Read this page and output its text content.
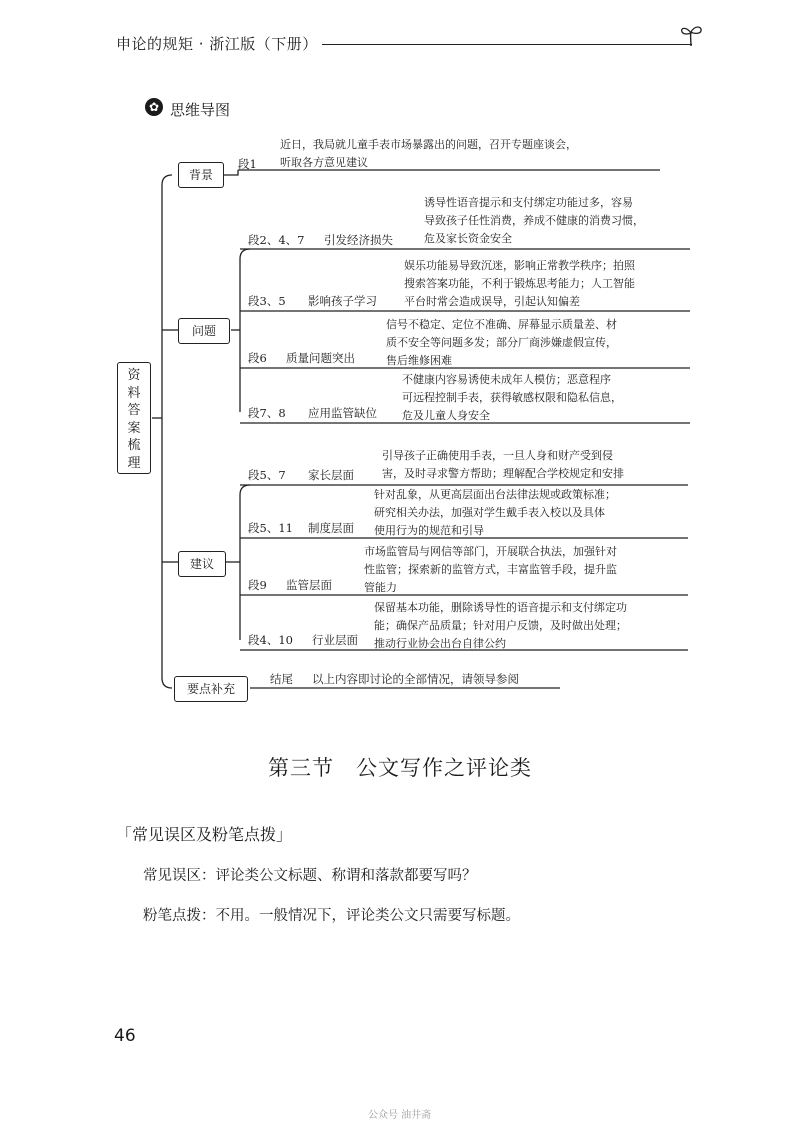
申论的规矩 · 浙江版（下册）
✿ 思维导图
资
料
答
案
梳
理
背景
问题
建议
要点补充
段1
近日，我局就儿童手表市场暴露出的问题，召开专题座谈会，
听取各方意见建议
段2、4、7 引发经济损失
诱导性语音提示和支付绑定功能过多，容易
导致孩子任性消费，养成不健康的消费习惯，
危及家长资金安全
段3、5 影响孩子学习
娱乐功能易导致沉迷，影响正常教学秩序；拍照
搜索答案功能，不利于锻炼思考能力；人工智能
平台时常会造成误导，引起认知偏差
段6 质量问题突出
信号不稳定、定位不准确、屏幕显示质量差、材
质不安全等问题多发；部分厂商涉嫌虚假宣传，
售后维修困难
段7、8 应用监管缺位
不健康内容易诱使未成年人模仿；恶意程序
可远程控制手表，获得敏感权限和隐私信息，
危及儿童人身安全
段5、7 家长层面
引导孩子正确使用手表，一旦人身和财产受到侵
害，及时寻求警方帮助；理解配合学校规定和安排
段5、11 制度层面
针对乱象，从更高层面出台法律法规或政策标准；
研究相关办法，加强对学生戴手表入校以及具体
使用行为的规范和引导
段9 监管层面
市场监管局与网信等部门，开展联合执法，加强针对
性监管；探索新的监管方式，丰富监管手段，提升监
管能力
段4、10 行业层面
保留基本功能，删除诱导性的语音提示和支付绑定功
能；确保产品质量；针对用户反馈，及时做出处理；
推动行业协会出台自律公约
结尾 以上内容即讨论的全部情况，请领导参阅
第三节　公文写作之评论类
「常见误区及粉笔点拨」
常见误区：评论类公文标题、称谓和落款都要写吗？
粉笔点拨：不用。一般情况下，评论类公文只需要写标题。
46
公众号 油井斋
